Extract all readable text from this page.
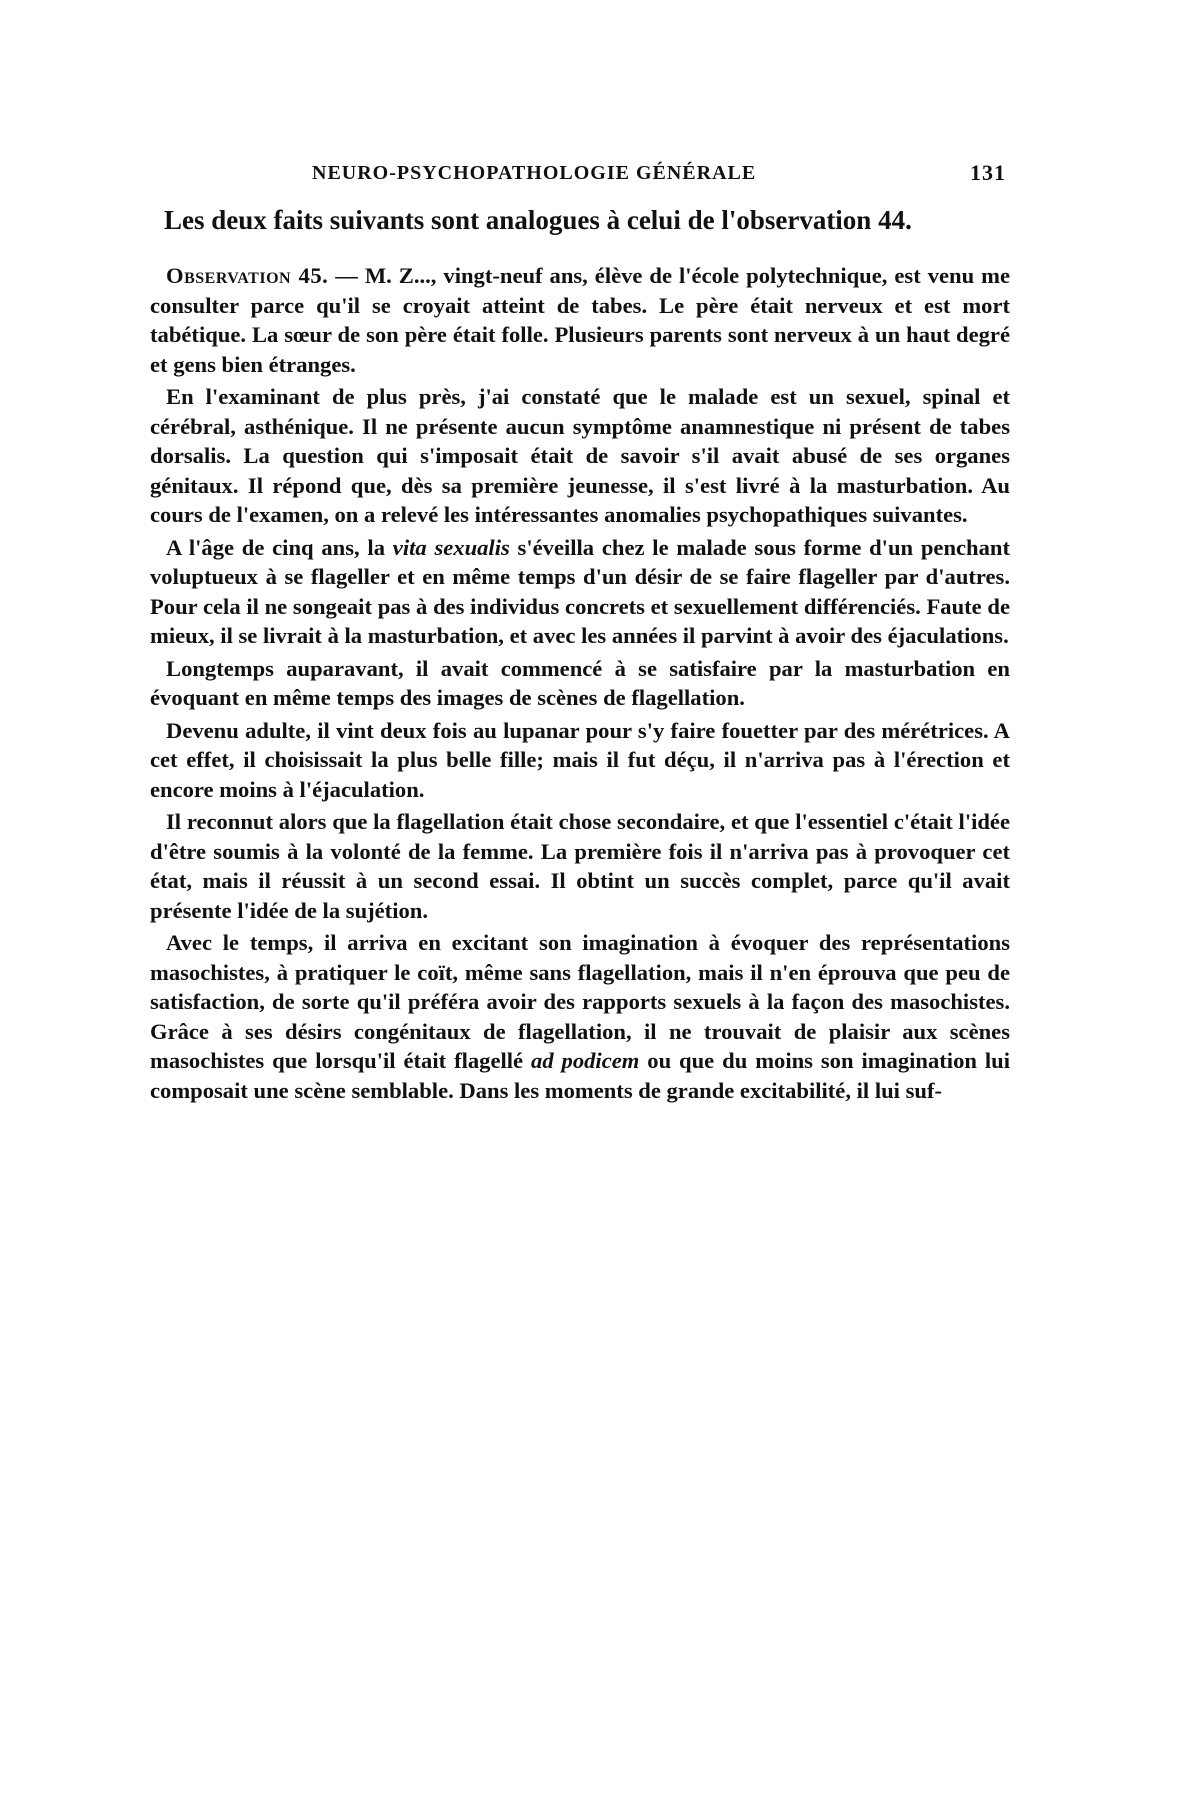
NEURO-PSYCHOPATHOLOGIE GÉNÉRALE	131
Les deux faits suivants sont analogues à celui de l'observation 44.

Observation 45. — M. Z..., vingt-neuf ans, élève de l'école polytechnique, est venu me consulter parce qu'il se croyait atteint de tabes. Le père était nerveux et est mort tabétique. La sœur de son père était folle. Plusieurs parents sont nerveux à un haut degré et gens bien étranges.

En l'examinant de plus près, j'ai constaté que le malade est un sexuel, spinal et cérébral, asthénique. Il ne présente aucun symptôme anamnestique ni présent de tabes dorsalis. La question qui s'imposait était de savoir s'il avait abusé de ses organes génitaux. Il répond que, dès sa première jeunesse, il s'est livré à la masturbation. Au cours de l'examen, on a relevé les intéressantes anomalies psychopathiques suivantes.

A l'âge de cinq ans, la vita sexualis s'éveilla chez le malade sous forme d'un penchant voluptueux à se flageller et en même temps d'un désir de se faire flageller par d'autres. Pour cela il ne songeait pas à des individus concrets et sexuellement différenciés. Faute de mieux, il se livrait à la masturbation, et avec les années il parvint à avoir des éjaculations.

Longtemps auparavant, il avait commencé à se satisfaire par la masturbation en évoquant en même temps des images de scènes de flagellation.

Devenu adulte, il vint deux fois au lupanar pour s'y faire fouetter par des mérétrices. A cet effet, il choisissait la plus belle fille; mais il fut déçu, il n'arriva pas à l'érection et encore moins à l'éjaculation.

Il reconnut alors que la flagellation était chose secondaire, et que l'essentiel c'était l'idée d'être soumis à la volonté de la femme. La première fois il n'arriva pas à provoquer cet état, mais il réussit à un second essai. Il obtint un succès complet, parce qu'il avait présente l'idée de la sujétion.

Avec le temps, il arriva en excitant son imagination à évoquer des représentations masochistes, à pratiquer le coït, même sans flagellation, mais il n'en éprouva que peu de satisfaction, de sorte qu'il préféra avoir des rapports sexuels à la façon des masochistes. Grâce à ses désirs congénitaux de flagellation, il ne trouvait de plaisir aux scènes masochistes que lorsqu'il était flagellé ad podicem ou que du moins son imagination lui composait une scène semblable. Dans les moments de grande excitabilité, il lui suf-
